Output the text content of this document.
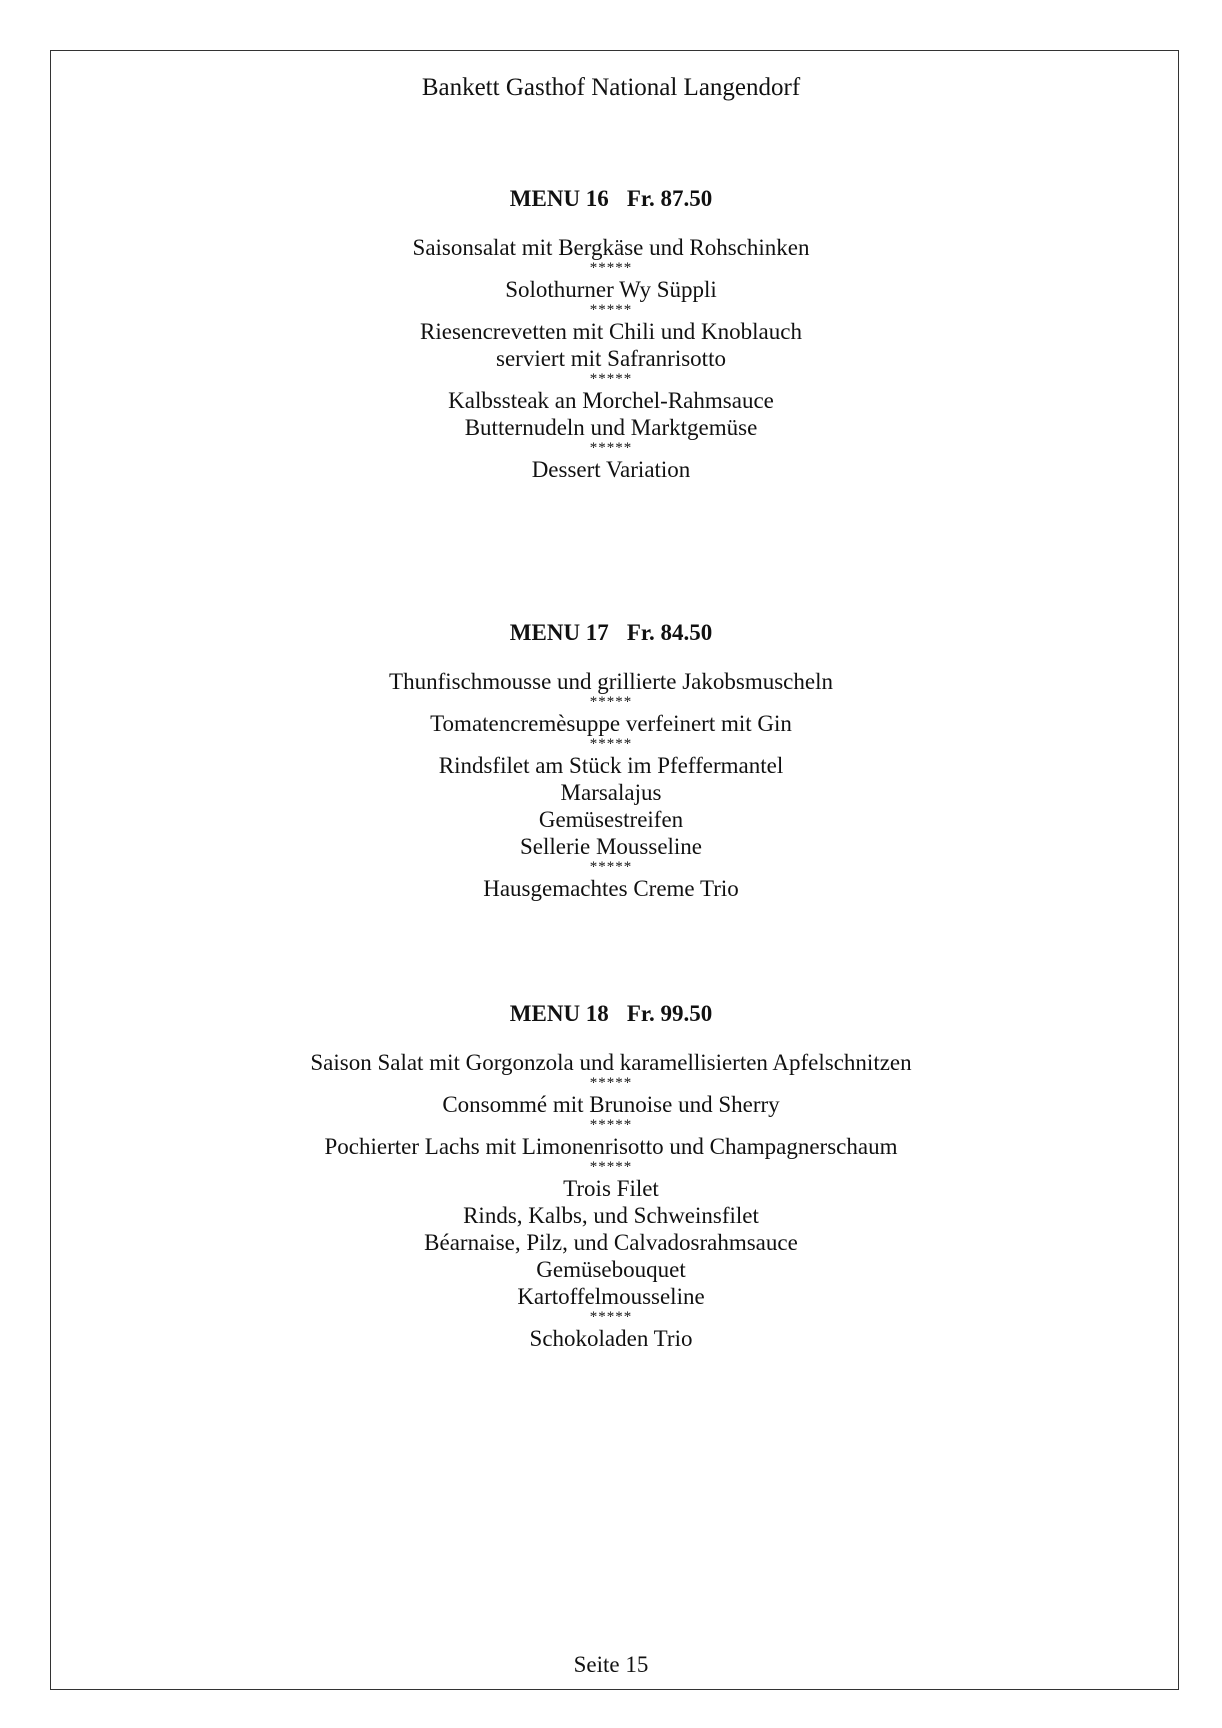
Bankett Gasthof National Langendorf
MENU 16 Fr. 87.50
Saisonsalat mit Bergkäse und Rohschinken
*****
Solothurner Wy Süppli
*****
Riesencrevetten mit Chili und Knoblauch
serviert mit Safranrisotto
*****
Kalbssteak an Morchel-Rahmsauce
Butternudeln und Marktgemüse
*****
Dessert Variation
MENU 17 Fr. 84.50
Thunfischmousse und grillierte Jakobsmuscheln
*****
Tomatencremèsuppe verfeinert mit Gin
*****
Rindsfilet am Stück im Pfeffermantel
Marsalajus
Gemüsestreifen
Sellerie Mousseline
*****
Hausgemachtes Creme Trio
MENU 18 Fr. 99.50
Saison Salat mit Gorgonzola und karamellisierten Apfelschnitzen
*****
Consommé mit Brunoise und Sherry
*****
Pochierter Lachs mit Limonenrisotto und Champagnerschaum
*****
Trois Filet
Rinds, Kalbs, und Schweinsfilet
Béarnaise, Pilz, und Calvadosrahmsauce
Gemüsebouquet
Kartoffelmousseline
*****
Schokoladen Trio
Seite 15
